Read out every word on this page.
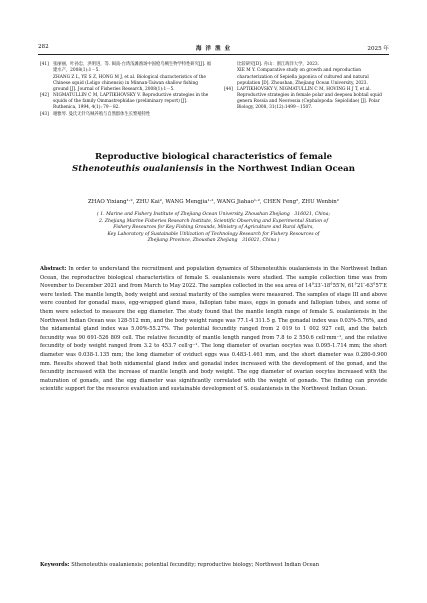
282	海 洋 渔 业	2025 年
[41] 张丽丽，叶孙忠，洪明进，等. 闽南-台湾浅滩渔场中国枪乌贼生物学特性研究[J]. 福建水产，2008(1):1－5.
ZHANG Z L, YE S Z, HONG M J, et al. Biological characteristics of the Chinese squid (Loligo chinensis) in Minnan-Taiwan shallow fishing ground [J]. Journal of Fisheries Research, 2008(1):1－5.
[42] NIGMATULLIN C M, LAPTIKHOVSKY V. Reproductive strategies in the squids of the family Ommastrephidae (preliminary report) [J]. Ruthenica, 1994, 4(1): 79－82.
[43] 谢雅琴. 曼氏无针乌贼养殖与自然群体生长繁殖特性
比较研究[D]. 舟山：浙江海洋大学，2023.
XIE M Y. Comparative study on growth and reproduction characterization of Sepiella japonica of cultured and natural population [D]. Zhoushan, Zhejiang Ocean University, 2023.
[44] LAPTIKHOVSKY V, NIGMATULLIN C M, HOVING H J T, et al. Reproductive strategies in female polar and deepsea bobtail squid genera Rossia and Neorossia (Cephalopoda: Sepiolidae) [J]. Polar Biology, 2008, 31(12):1499－1507.
Reproductive biological characteristics of female
Sthenoteuthis oualaniensis in the Northwest Indian Ocean
ZHAO Yixiang¹·², ZHU Kai², WANG Mengjia¹·², WANG Jiahao¹·², CHEN Feng², ZHU Wenbin²
( 1. Marine and Fishery Institute of Zhejiang Ocean University, Zhoushan Zhejiang　316021, China;
2. Zhejiang Marine Fisheries Research Institute, Scientific Observing and Experimental Station of
Fishery Resources for Key Fishing Grounds, Ministry of Agriculture and Rural Affairs,
Key Laboratory of Sustainable Utilization of Technology Research for Fishery Resources of
Zhejiang Province, Zhoushan Zhejiang　316021, China )
Abstract: In order to understand the recruitment and population dynamics of Sthenoteuthis oualaniensis in the Northwest Indian Ocean, the reproductive biological characteristics of female S. oualaniensis were studied. The sample collection time was from November to December 2021 and from March to May 2022. The samples collected in the sea area of 14°33′-18°55′N, 61°21′-63°57′E were tested. The mantle length, body weight and sexual maturity of the samples were measured. The samples of stage III and above were counted for gonadal mass, egg-wrapped gland mass, fallopian tube mass, eggs in gonads and fallopian tubes, and some of them were selected to measure the egg diameter. The study found that the mantle length range of female S. oualaniensis in the Northwest Indian Ocean was 128-512 mm, and the body weight range was 77.1-4 311.5 g. The gonadal index was 0.03%-5.76%, and the nidamental gland index was 5.00%-55.27%. The potential fecundity ranged from 2 019 to 1 002 927 cell, and the batch fecundity was 90 691-526 809 cell. The relative fecundity of mantle length ranged from 7.8 to 2 550.6 cell·mm⁻¹, and the relative fecundity of body weight ranged from 3.2 to 453.7 cell·g⁻¹. The long diameter of ovarian oocytes was 0.095-1.714 mm; the short diameter was 0.038-1.135 mm; the long diameter of oviduct eggs was 0.483-1.461 mm, and the short diameter was 0.280-0.900 mm. Results showed that both nidamental gland index and gonadal index increased with the development of the gonad, and the fecundity increased with the increase of mantle length and body weight. The egg diameter of ovarian oocytes increased with the maturation of gonads, and the egg diameter was significantly correlated with the weight of gonads. The finding can provide scientific support for the resource evaluation and sustainable development of S. oualaniensis in the Northwest Indian Ocean.
Keywords: Sthenoteuthis oualaniensis; potential fecundity; reproductive biology; Northwest Indian Ocean
